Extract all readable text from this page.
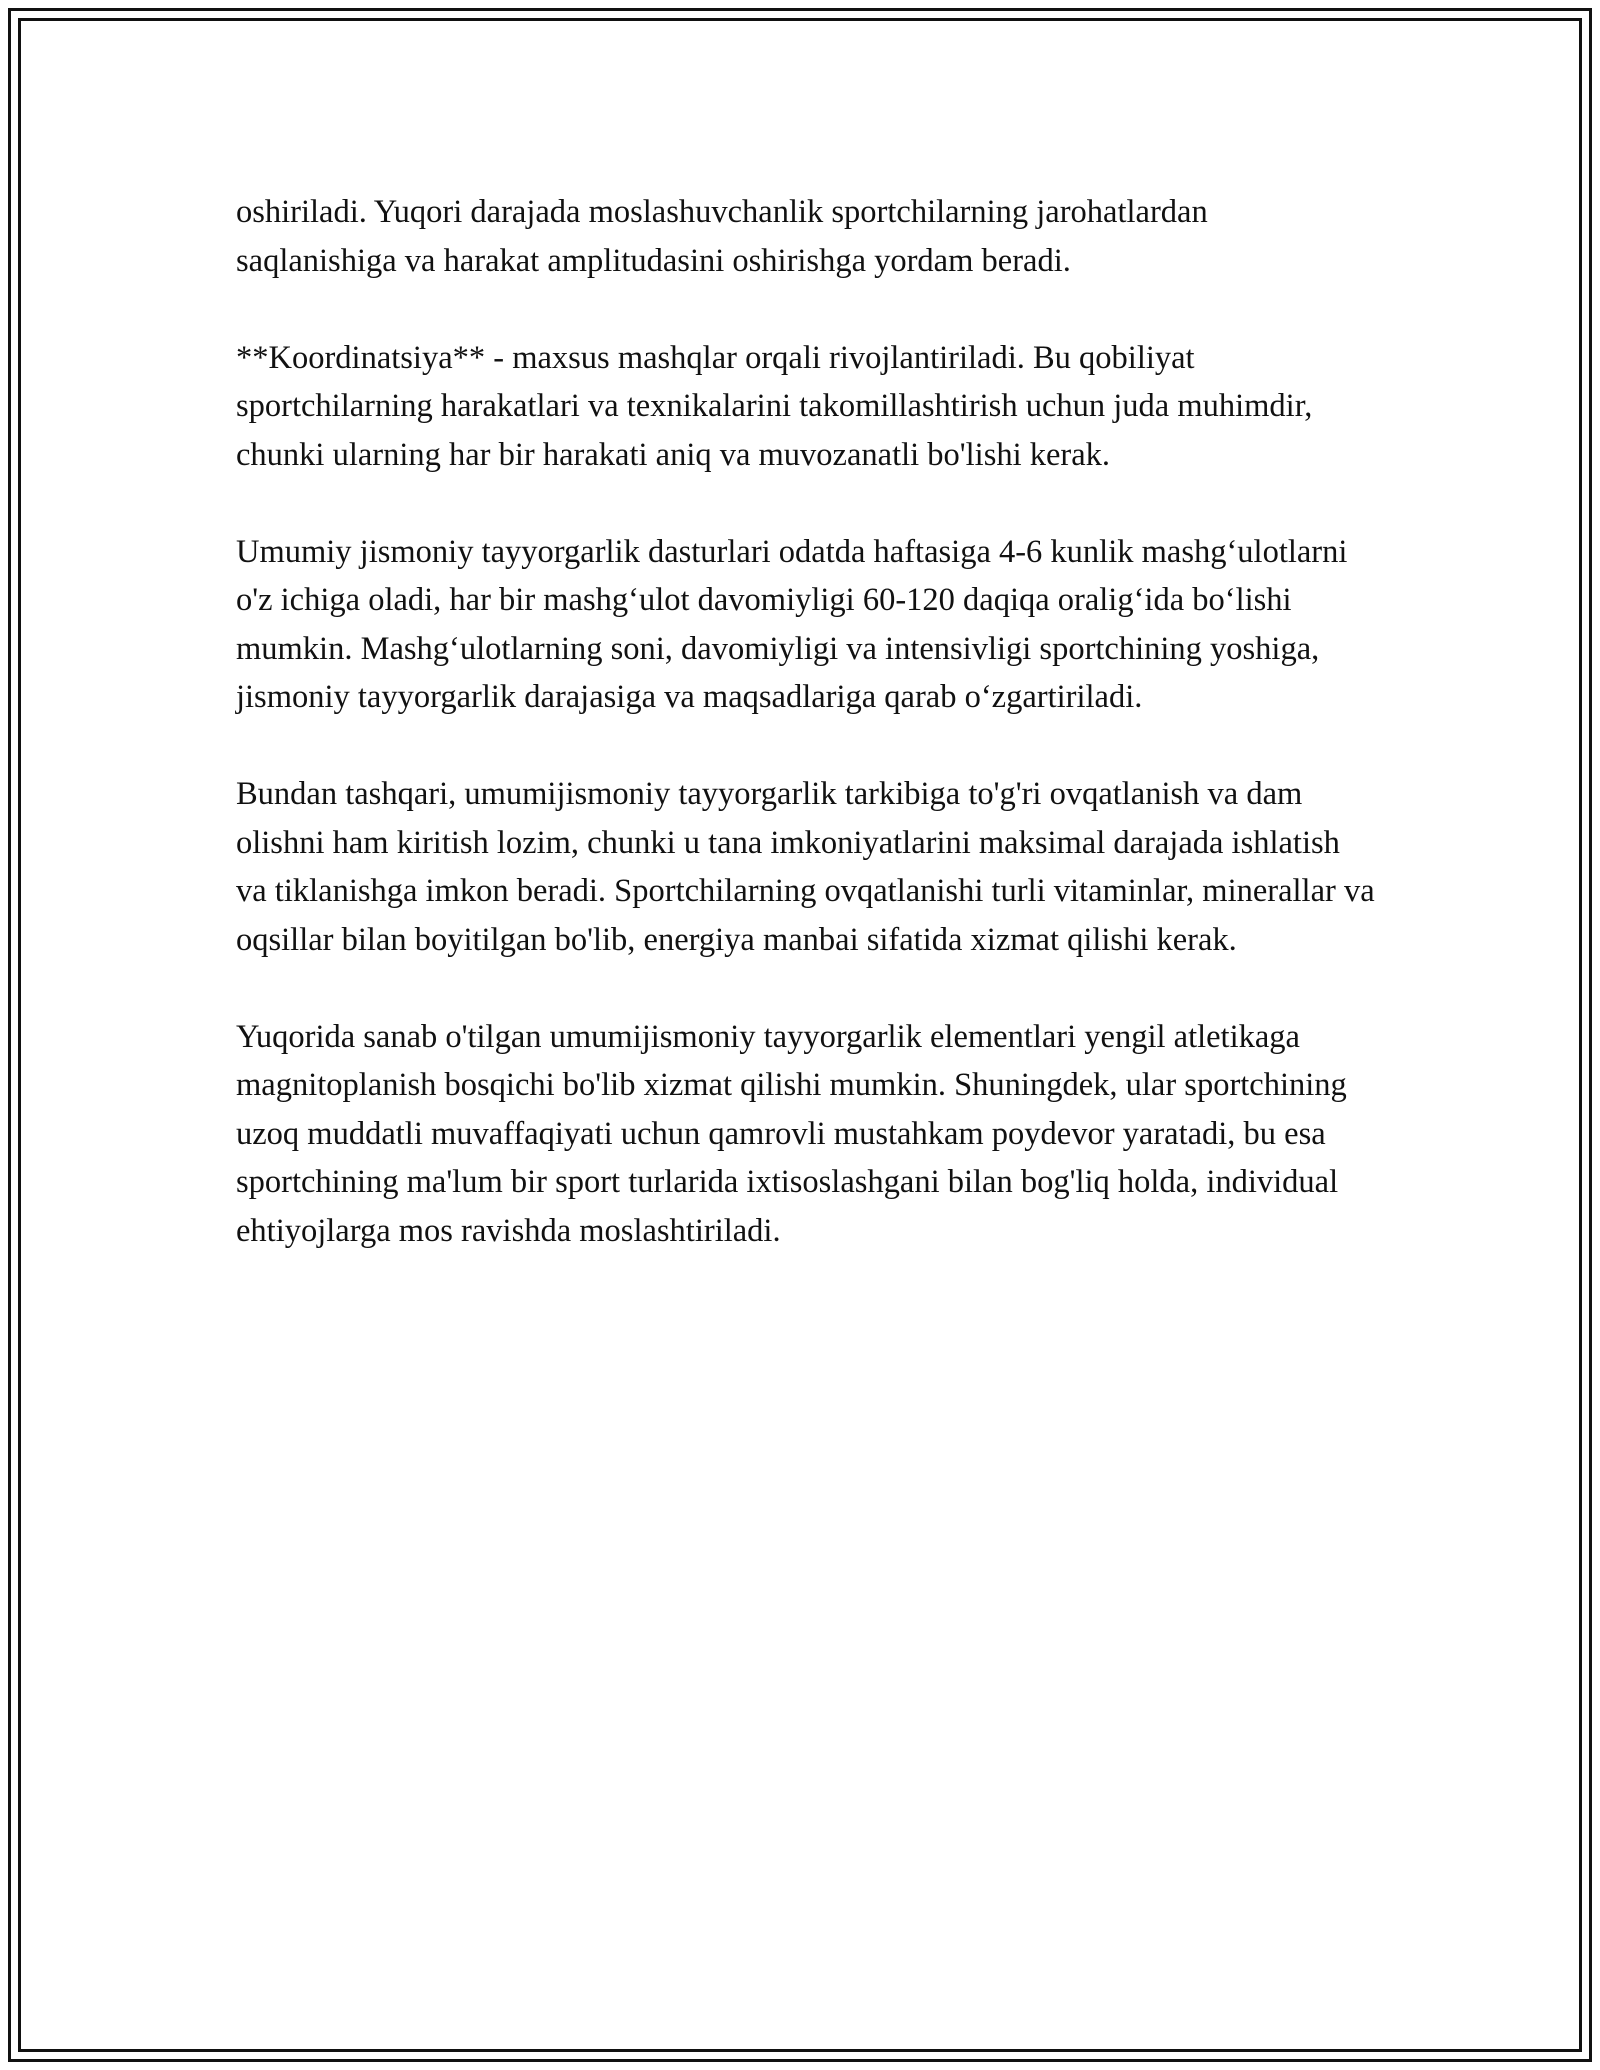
oshiriladi. Yuqori darajada moslashuvchanlik sportchilarning jarohatlardan saqlanishiga va harakat amplitudasini oshirishga yordam beradi.

**Koordinatsiya** - maxsus mashqlar orqali rivojlantiriladi. Bu qobiliyat sportchilarning harakatlari va texnikalarini takomillashtirish uchun juda muhimdir, chunki ularning har bir harakati aniq va muvozanatli bo'lishi kerak.

Umumiy jismoniy tayyorgarlik dasturlari odatda haftasiga 4-6 kunlik mashg‘ulotlarni o'z ichiga oladi, har bir mashg‘ulot davomiyligi 60-120 daqiqa oralig‘ida bo‘lishi mumkin. Mashg‘ulotlarning soni, davomiyligi va intensivligi sportchining yoshiga, jismoniy tayyorgarlik darajasiga va maqsadlariga qarab o‘zgartiriladi.

Bundan tashqari, umumijismoniy tayyorgarlik tarkibiga to'g'ri ovqatlanish va dam olishni ham kiritish lozim, chunki u tana imkoniyatlarini maksimal darajada ishlatish va tiklanishga imkon beradi. Sportchilarning ovqatlanishi turli vitaminlar, minerallar va oqsillar bilan boyitilgan bo'lib, energiya manbai sifatida xizmat qilishi kerak.

Yuqorida sanab o'tilgan umumijismoniy tayyorgarlik elementlari yengil atletikaga magnitoplanish bosqichi bo'lib xizmat qilishi mumkin. Shuningdek, ular sportchining uzoq muddatli muvaffaqiyati uchun qamrovli mustahkam poydevor yaratadi, bu esa sportchining ma'lum bir sport turlarida ixtisoslashgani bilan bog'liq holda, individual ehtiyojlarga mos ravishda moslashtiriladi.
